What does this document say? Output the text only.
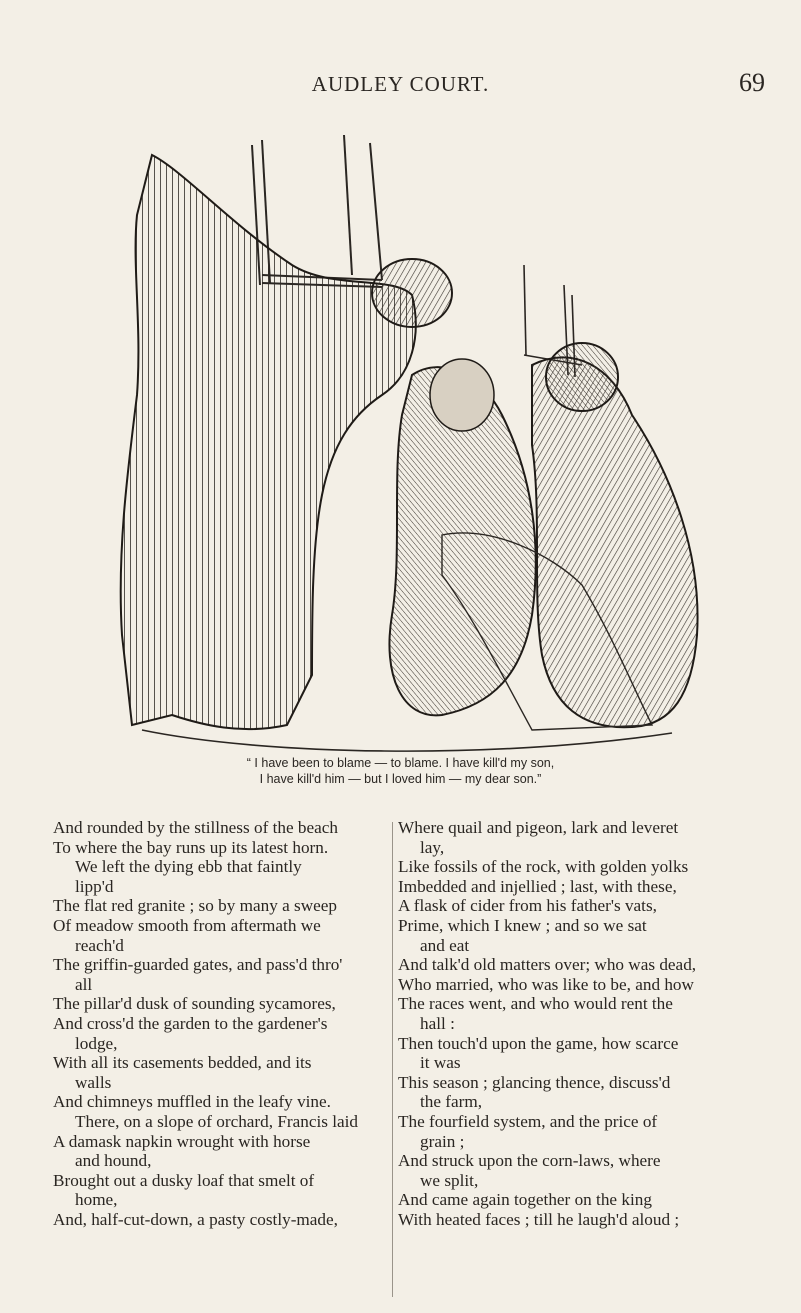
AUDLEY COURT.	69
“ I have been to blame — to blame. I have kill'd my son,
I have kill'd him — but I loved him — my dear son.”
And rounded by the stillness of the beach
To where the bay runs up its latest horn.
We left the dying ebb that faintly
lipp'd
The flat red granite ; so by many a sweep
Of meadow smooth from aftermath we
reach'd
The griffin-guarded gates, and pass'd thro'
all
The pillar'd dusk of sounding sycamores,
And cross'd the garden to the gardener's
lodge,
With all its casements bedded, and its
walls
And chimneys muffled in the leafy vine.
There, on a slope of orchard, Francis laid
A damask napkin wrought with horse
and hound,
Brought out a dusky loaf that smelt of
home,
And, half-cut-down, a pasty costly-made,
Where quail and pigeon, lark and leveret
lay,
Like fossils of the rock, with golden yolks
Imbedded and injellied ; last, with these,
A flask of cider from his father's vats,
Prime, which I knew ; and so we sat
and eat
And talk'd old matters over; who was dead,
Who married, who was like to be, and how
The races went, and who would rent the
hall :
Then touch'd upon the game, how scarce
it was
This season ; glancing thence, discuss'd
the farm,
The fourfield system, and the price of
grain ;
And struck upon the corn-laws, where
we split,
And came again together on the king
With heated faces ; till he laugh'd aloud ;
